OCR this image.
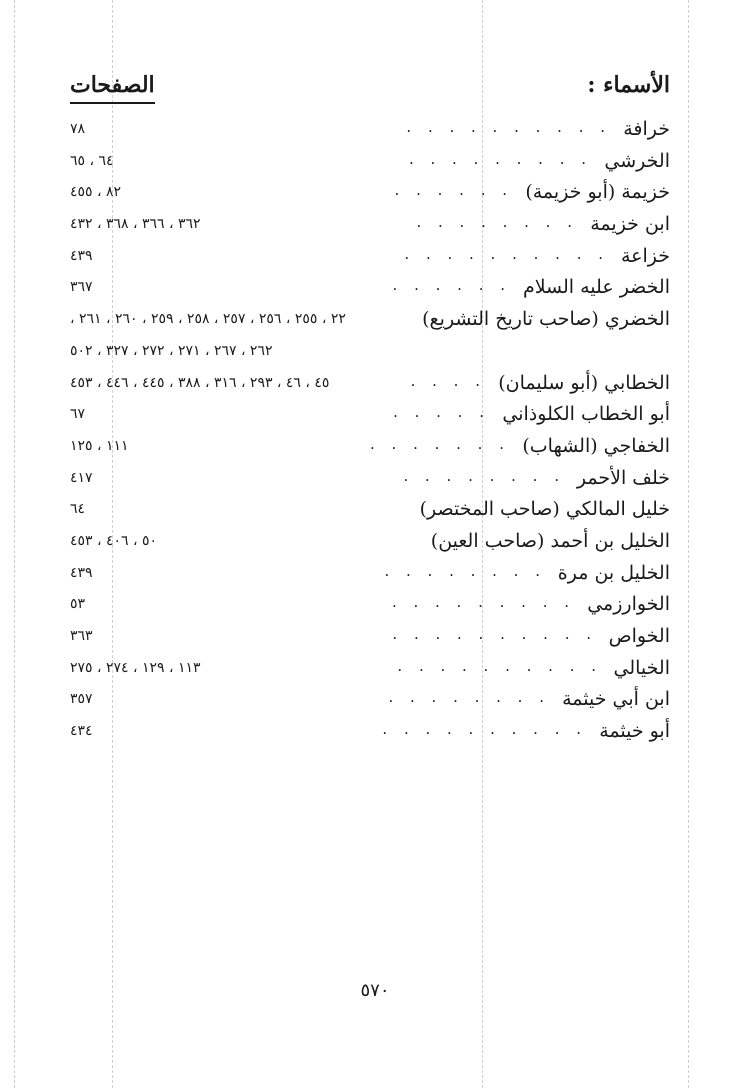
الأسماء :
الصفحات
خرافة
. . . . . . . . . .
٧٨
الخرشي
. . . . . . . . .
٦٤ ، ٦٥
خزيمة (أبو خزيمة)
. . . . . .
٨٢ ، ٤٥٥
ابن خزيمة
. . . . . . . .
٣٦٢ ، ٣٦٦ ، ٣٦٨ ، ٤٣٢
خزاعة
. . . . . . . . . .
٤٣٩
الخضر عليه السلام
. . . . . .
٣٦٧
الخضري (صاحب تاريخ التشريع)
٢٢ ، ٢٥٥ ، ٢٥٦ ، ٢٥٧ ، ٢٥٨ ، ٢٥٩ ، ٢٦٠ ، ٢٦١ ،
٢٦٢ ، ٢٦٧ ، ٢٧١ ، ٢٧٢ ، ٣٢٧ ، ٥٠٢
الخطابي (أبو سليمان)
. . . .
٤٥ ، ٤٦ ، ٢٩٣ ، ٣١٦ ، ٣٨٨ ، ٤٤٥ ، ٤٤٦ ، ٤٥٣
أبو الخطاب الكلوذاني
. . . . .
٦٧
الخفاجي (الشهاب)
. . . . . . .
١١١ ، ١٢٥
خلف الأحمر
. . . . . . . .
٤١٧
خليل المالكي (صاحب المختصر)
٦٤
الخليل بن أحمد (صاحب العين)
٥٠ ، ٤٠٦ ، ٤٥٣
الخليل بن مرة
. . . . . . . .
٤٣٩
الخوارزمي
. . . . . . . . .
٥٣
الخواص
. . . . . . . . . .
٣٦٣
الخيالي
. . . . . . . . . .
١١٣ ، ١٢٩ ، ٢٧٤ ، ٢٧٥
ابن أبي خيثمة
. . . . . . . .
٣٥٧
أبو خيثمة
. . . . . . . . . .
٤٣٤
٥٧٠
